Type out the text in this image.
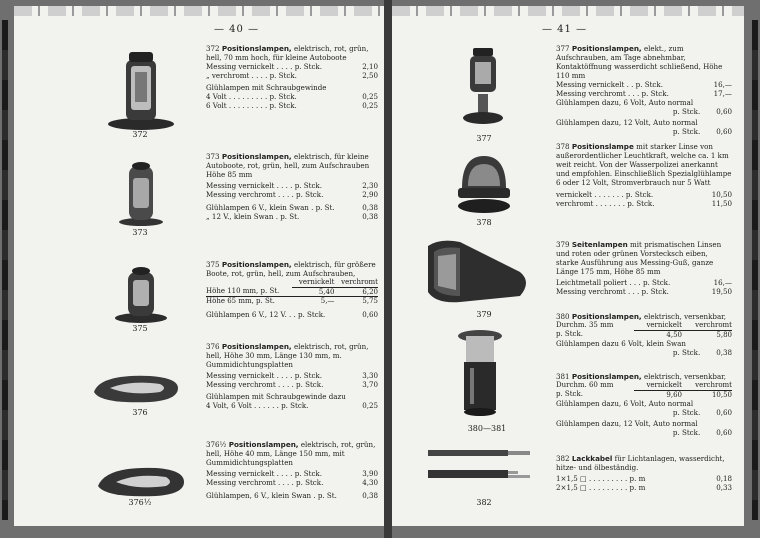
— 40 —
372
373
375
376
376½
372 Positionslampen, elektrisch, rot, grün, hell, 70 mm hoch, für kleine Autoboote
Messing vernickelt . . . . p. Stck.	2,10
„ verchromt . . . . p. Stck.	2,50
Glühlampen mit Schraubgewinde
4 Volt . . . . . . . . . p. Stck.	0,25
6 Volt . . . . . . . . . p. Stck.	0,25
373 Positionslampen, elektrisch, für kleine Autoboote, rot, grün, hell, zum Aufschrauben Höhe 85 mm
Messing vernickelt . . . . p. Stck.	2,30
Messing verchromt . . . . p. Stck.	2,90
Glühlampen 6 V., klein Swan . p. St.	0,38
„ 12 V., klein Swan . p. St.	0,38
375 Positionslampen, elektrisch, für größere Boote, rot, grün, hell, zum Aufschrauben,
	vernickelt	verchromt
Höhe 110 mm, p. St.	5,40	6,20
Höhe 65 mm, p. St.	5,—	5,75
Glühlampen 6 V., 12 V. . . p. Stck.	0,60
376 Positionslampen, elektrisch, rot, grün, hell, Höhe 30 mm, Länge 130 mm, m. Gummidichtungsplatten
Messing vernickelt . . . . p. Stck.	3,30
Messing verchromt . . . . p. Stck.	3,70
Glühlampen mit Schraubgewinde dazu
4 Volt, 6 Volt . . . . . . p. Stck.	0,25
376½ Positionslampen, elektrisch, rot, grün, hell, Höhe 40 mm, Länge 150 mm, mit Gummidichtungsplatten
Messing vernickelt . . . . p. Stck.	3,90
Messing verchromt . . . . p. Stck.	4,30
Glühlampen, 6 V., klein Swan . p. St.	0,38
— 41 —
377
378
379
380—381
382
377 Positionslampen, elekt., zum Aufschrauben, am Tage abnehmbar, Kontaktöffnung wasserdicht schließend, Höhe 110 mm
Messing vernickelt . . p. Stck.	16,—
Messing verchromt . . . p. Stck.	17,—
Glühlampen dazu, 6 Volt, Auto normal
p. Stck. 0,60
Glühlampen dazu, 12 Volt, Auto normal
p. Stck. 0,60
378 Positionslampe mit starker Linse von außerordentlicher Leuchtkraft, welche ca. 1 km weit reicht. Von der Wasserpolizei anerkannt und empfohlen. Einschließlich Spezialglühlampe 6 oder 12 Volt, Stromverbrauch nur 5 Watt
vernickelt . . . . . . . p. Stck.	10,50
verchromt . . . . . . . p. Stck.	11,50
379 Seitenlampen mit prismatischen Linsen und roten oder grünen Vorstecksch eiben, starke Ausführung aus Messing-Guß, ganze Länge 175 mm, Höhe 85 mm
Leichtmetall poliert . . . p. Stck.	16,—
Messing verchromt . . . p. Stck.	19,50
380 Positionslampen, elektrisch, versenkbar,
Durchm. 35 mm	vernickelt	verchromt
p. Stck.	4,50	5,80
Glühlampen dazu 6 Volt, klein Swan
p. Stck. 0,38
381 Positionslampen, elektrisch, versenkbar,
Durchm. 60 mm	vernickelt	verchromt
p. Stck.	9,60	10,50
Glühlampen dazu, 6 Volt, Auto normal
p. Stck. 0,60
Glühlampen dazu, 12 Volt, Auto normal
p. Stck. 0,60
382 Lackkabel für Lichtanlagen, wasserdicht, hitze- und ölbeständig.
1×1,5 □ . . . . . . . . . p. m	0,18
2×1,5 □ . . . . . . . . . p. m	0,33
